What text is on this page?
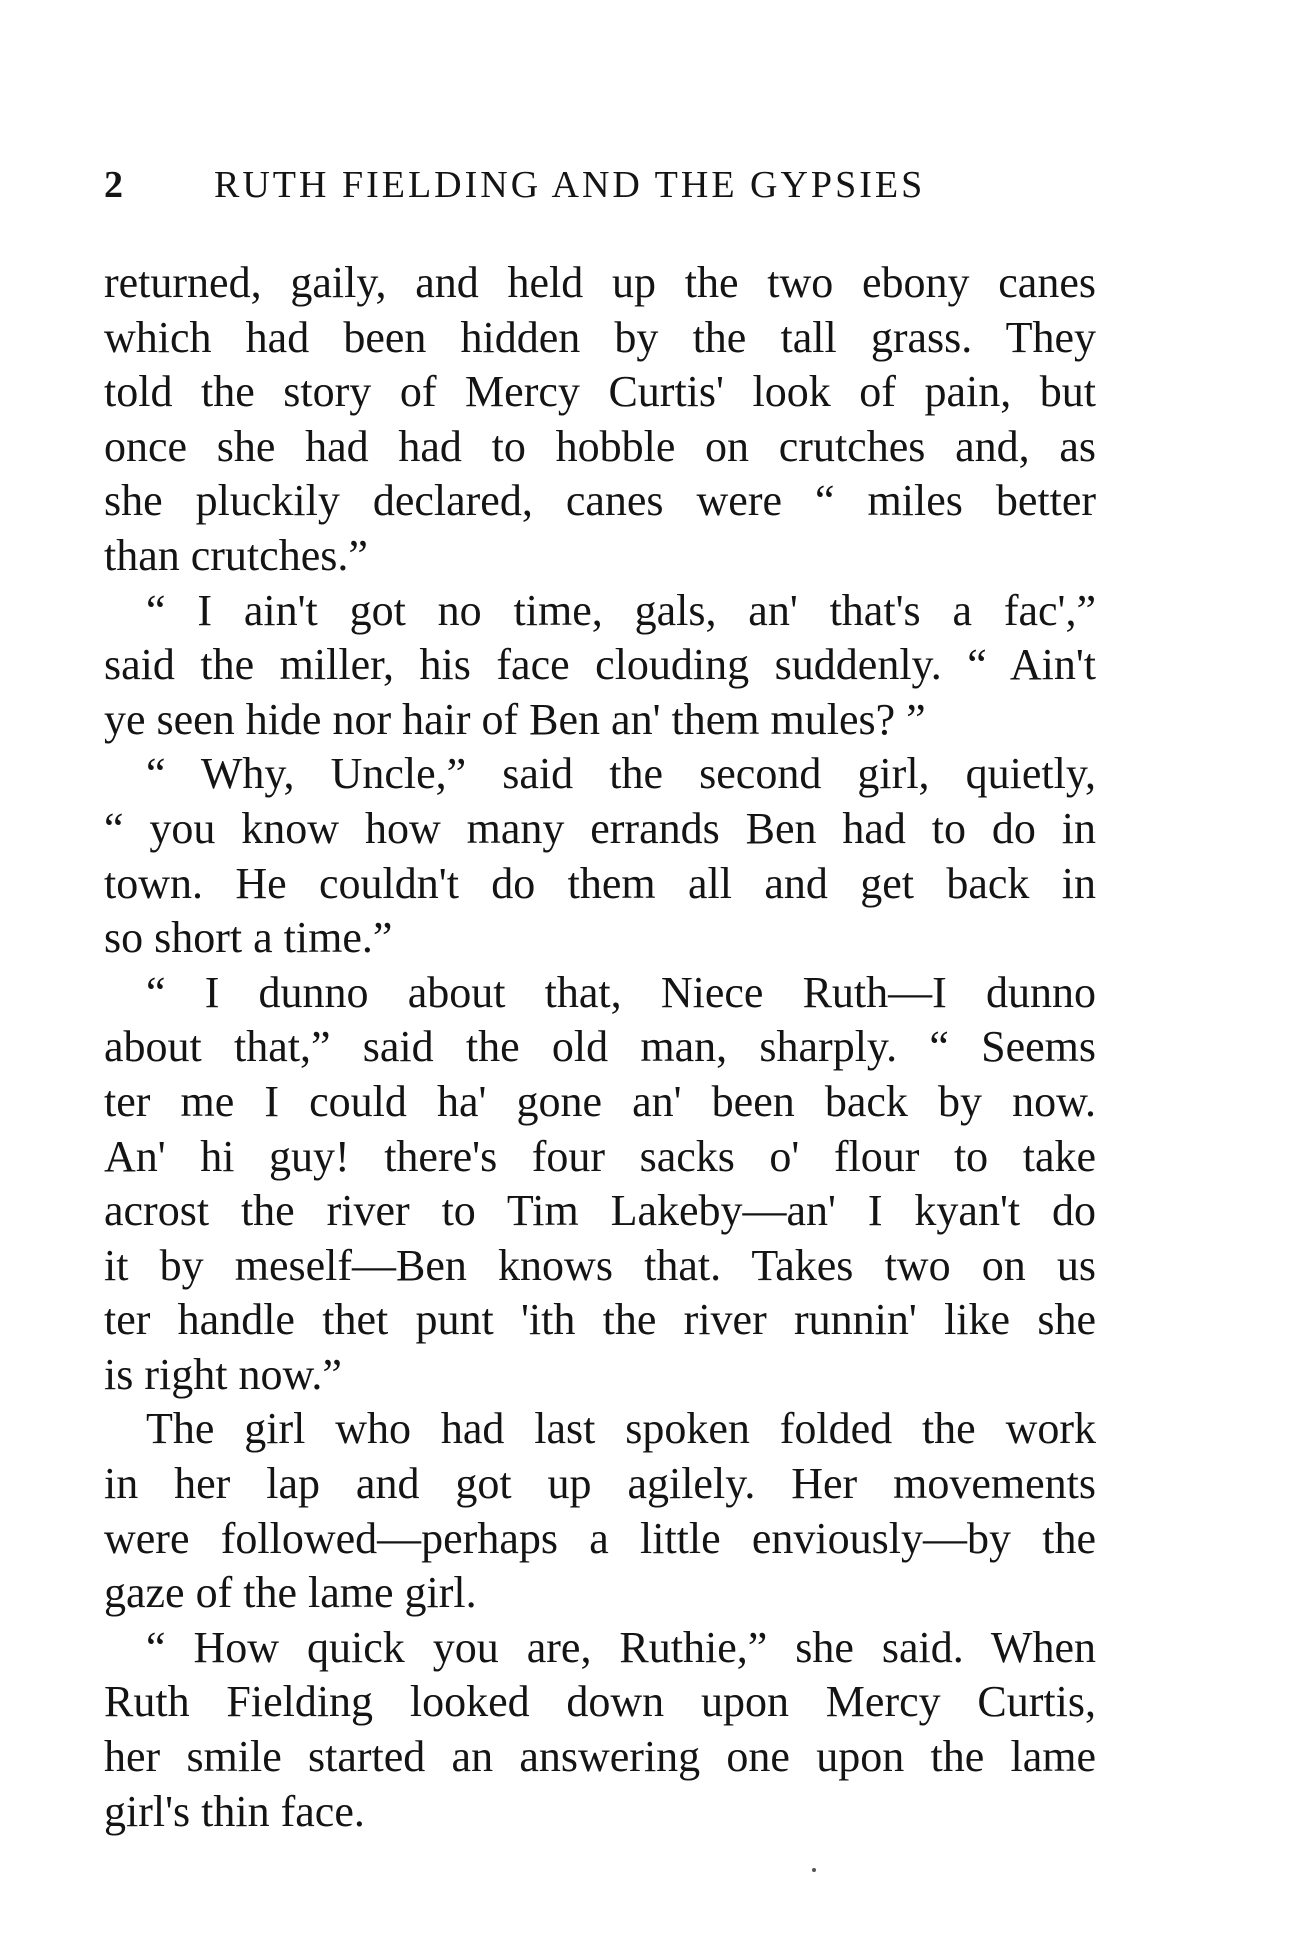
2 RUTH FIELDING AND THE GYPSIES
returned, gaily, and held up the two ebony canes
which had been hidden by the tall grass. They
told the story of Mercy Curtis' look of pain, but
once she had had to hobble on crutches and, as
she pluckily declared, canes were “ miles better
than crutches.”
“ I ain't got no time, gals, an' that's a fac',”
said the miller, his face clouding suddenly. “ Ain't
ye seen hide nor hair of Ben an' them mules? ”
“ Why, Uncle,” said the second girl, quietly,
“ you know how many errands Ben had to do in
town. He couldn't do them all and get back in
so short a time.”
“ I dunno about that, Niece Ruth—I dunno
about that,” said the old man, sharply. “ Seems
ter me I could ha' gone an' been back by now.
An' hi guy! there's four sacks o' flour to take
acrost the river to Tim Lakeby—an' I kyan't do
it by meself—Ben knows that. Takes two on us
ter handle thet punt 'ith the river runnin' like she
is right now.”
The girl who had last spoken folded the work
in her lap and got up agilely. Her movements
were followed—perhaps a little enviously—by the
gaze of the lame girl.
“ How quick you are, Ruthie,” she said. When
Ruth Fielding looked down upon Mercy Curtis,
her smile started an answering one upon the lame
girl's thin face.
